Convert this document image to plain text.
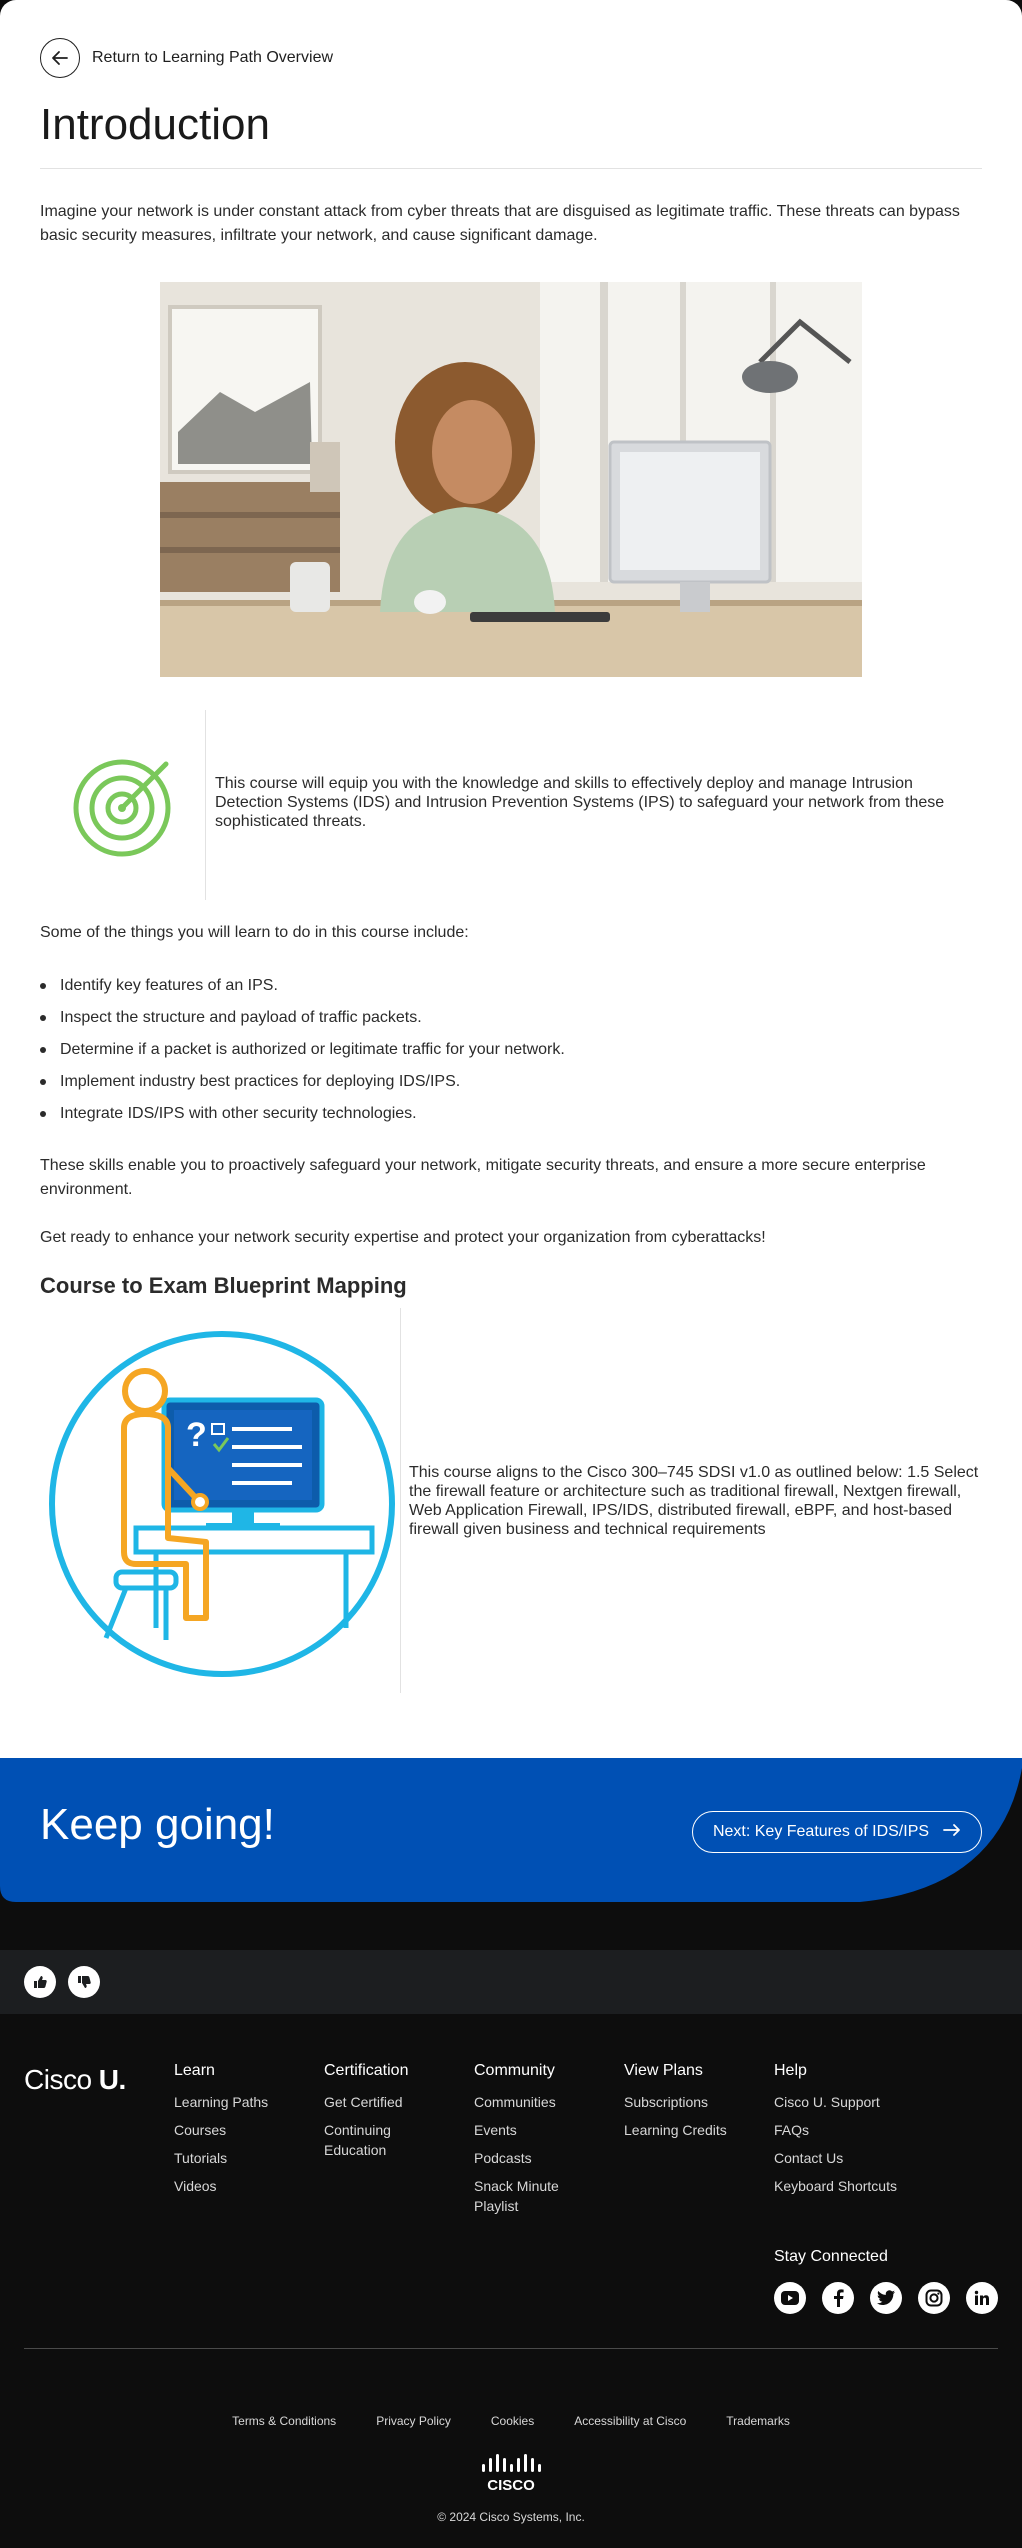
Return to Learning Path Overview
Introduction

Imagine your network is under constant attack from cyber threats that are disguised as legitimate traffic. These threats can bypass basic security measures, infiltrate your network, and cause significant damage.

This course will equip you with the knowledge and skills to effectively deploy and manage Intrusion Detection Systems (IDS) and Intrusion Prevention Systems (IPS) to safeguard your network from these sophisticated threats.

Some of the things you will learn to do in this course include:

Identify key features of an IPS.
Inspect the structure and payload of traffic packets.
Determine if a packet is authorized or legitimate traffic for your network.
Implement industry best practices for deploying IDS/IPS.
Integrate IDS/IPS with other security technologies.

These skills enable you to proactively safeguard your network, mitigate security threats, and ensure a more secure enterprise environment.

Get ready to enhance your network security expertise and protect your organization from cyberattacks!

Course to Exam Blueprint Mapping
?

This course aligns to the Cisco 300–745 SDSI v1.0 as outlined below: 1.5 Select the firewall feature or architecture such as traditional firewall, Nextgen firewall, Web Application Firewall, IPS/IDS, distributed firewall, eBPF, and host-based firewall given business and technical requirements

Keep going!	Next: Key Features of IDS/IPS
Cisco U.	Learn
Learning Paths
Courses
Tutorials
Videos
Certification
Get Certified
Continuing Education
Community
Communities
Events
Podcasts
Snack Minute Playlist
View Plans
Subscriptions
Learning Credits
Help
Cisco U. Support
FAQs
Contact Us
Keyboard Shortcuts
Stay Connected
Terms & Conditions	Privacy Policy	Cookies	Accessibility at Cisco	Trademarks
CISCO
© 2024 Cisco Systems, Inc.
